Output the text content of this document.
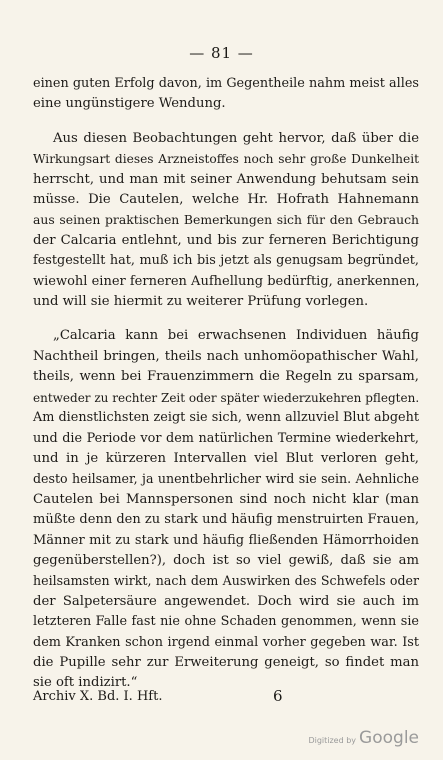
— 81 —

einen guten Erfolg davon, im Gegentheile nahm meist alles
eine ungünstigere Wendung.

Aus diesen Beobachtungen geht hervor, daß über die
Wirkungsart dieses Arzneistoffes noch sehr große Dunkelheit
herrscht, und man mit seiner Anwendung behutsam sein
müsse. Die Cautelen, welche Hr. Hofrath Hahnemann
aus seinen praktischen Bemerkungen sich für den Gebrauch
der Calcaria entlehnt, und bis zur ferneren Berichtigung
festgestellt hat, muß ich bis jetzt als genugsam begründet,
wiewohl einer ferneren Aufhellung bedürftig, anerkennen,
und will sie hiermit zu weiterer Prüfung vorlegen.

„Calcaria kann bei erwachsenen Individuen häufig
Nachtheil bringen, theils nach unhomöopathischer Wahl,
theils, wenn bei Frauenzimmern die Regeln zu sparsam,
entweder zu rechter Zeit oder später wiederzukehren pflegten.
Am dienstlichsten zeigt sie sich, wenn allzuviel Blut abgeht
und die Periode vor dem natürlichen Termine wiederkehrt,
und in je kürzeren Intervallen viel Blut verloren geht,
desto heilsamer, ja unentbehrlicher wird sie sein. Aehnliche
Cautelen bei Mannspersonen sind noch nicht klar (man
müßte denn den zu stark und häufig menstruirten Frauen,
Männer mit zu stark und häufig fließenden Hämorrhoiden
gegenüberstellen?), doch ist so viel gewiß, daß sie am
heilsamsten wirkt, nach dem Auswirken des Schwefels oder
der Salpetersäure angewendet. Doch wird sie auch im
letzteren Falle fast nie ohne Schaden genommen, wenn sie
dem Kranken schon irgend einmal vorher gegeben war. Ist
die Pupille sehr zur Erweiterung geneigt, so findet man
sie oft indizirt.“

Archiv X. Bd. I. Hft.	6
Digitized by Google
